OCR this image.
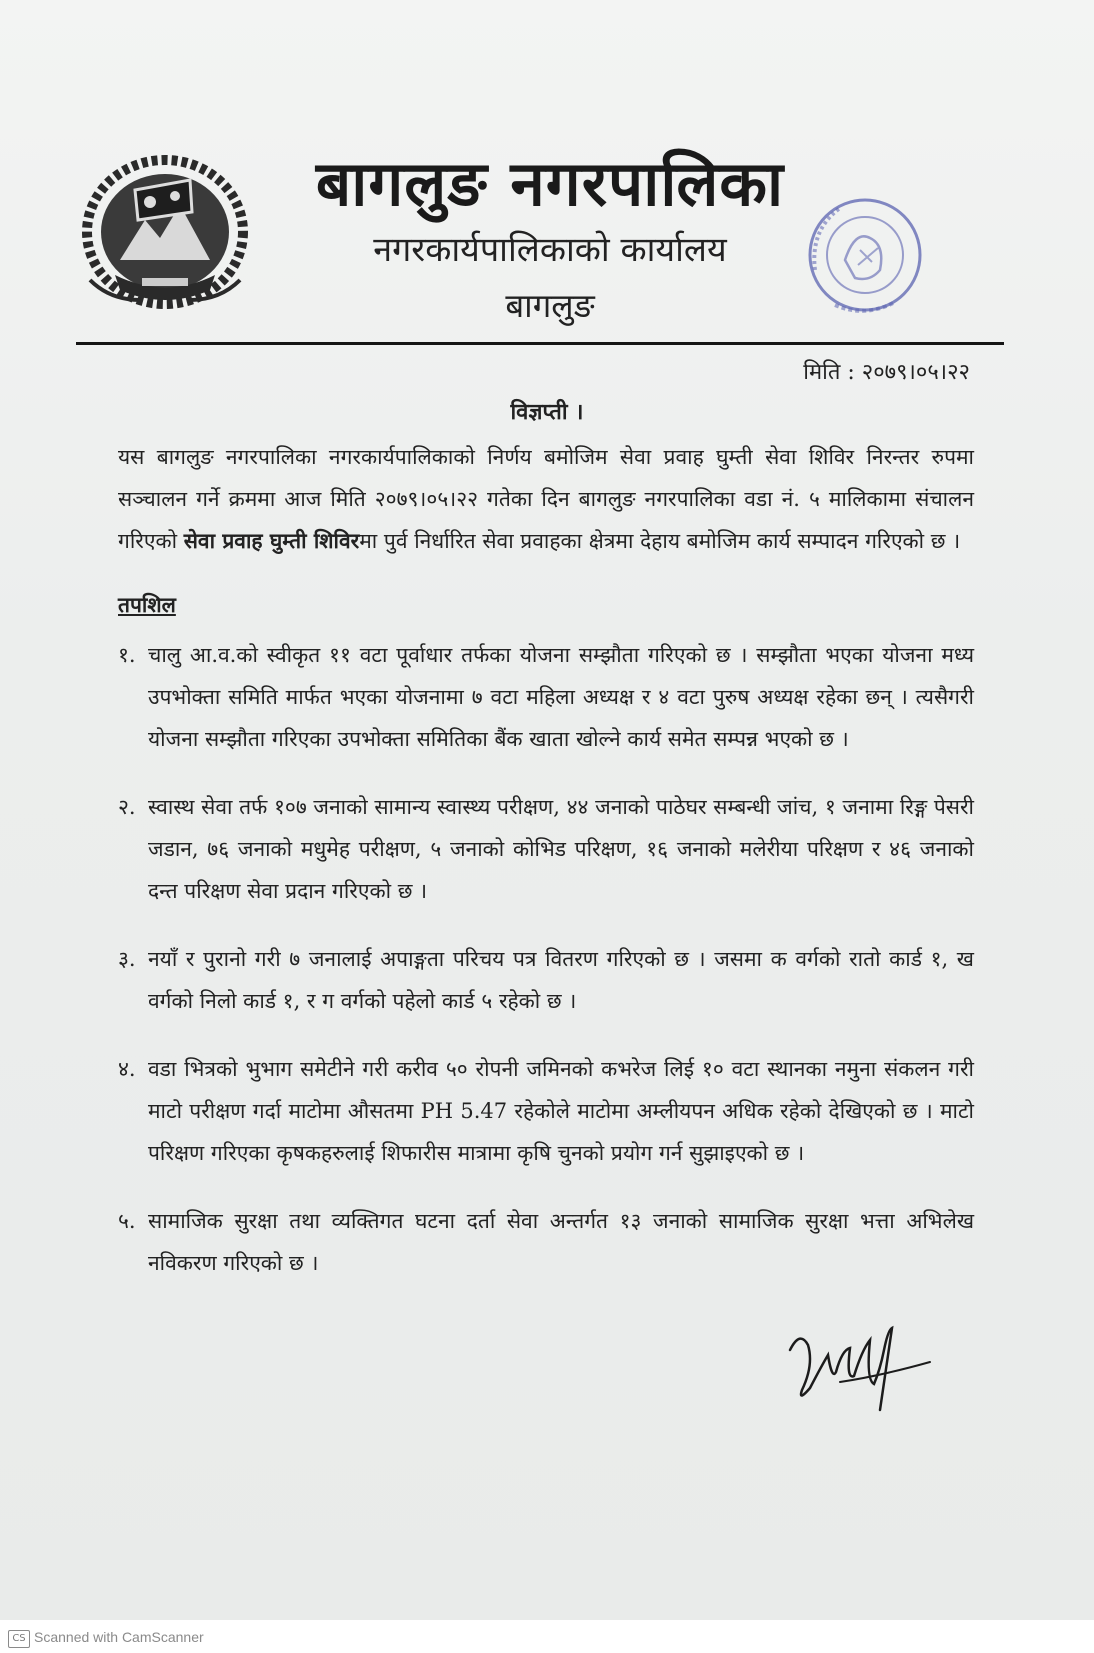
बागलुङ नगरपालिका
नगरकार्यपालिकाको कार्यालय
बागलुङ
मिति : २०७९।०५।२२
विज्ञप्ती ।

यस बागलुङ नगरपालिका नगरकार्यपालिकाको निर्णय बमोजिम सेवा प्रवाह घुम्ती सेवा शिविर निरन्तर रुपमा सञ्चालन गर्ने क्रममा आज मिति २०७९।०५।२२ गतेका दिन बागलुङ नगरपालिका वडा नं. ५ मालिकामा संचालन गरिएको सेवा प्रवाह घुम्ती शिविरमा पुर्व निर्धारित सेवा प्रवाहका क्षेत्रमा देहाय बमोजिम कार्य सम्पादन गरिएको छ ।

तपशिल
१. चालु आ.व.को स्वीकृत ११ वटा पूर्वाधार तर्फका योजना सम्झौता गरिएको छ । सम्झौता भएका योजना मध्य उपभोक्ता समिति मार्फत भएका योजनामा ७ वटा महिला अध्यक्ष र ४ वटा पुरुष अध्यक्ष रहेका छन् । त्यसैगरी योजना सम्झौता गरिएका उपभोक्ता समितिका बैंक खाता खोल्ने कार्य समेत सम्पन्न भएको छ ।
२. स्वास्थ सेवा तर्फ १०७ जनाको सामान्य स्वास्थ्य परीक्षण, ४४ जनाको पाठेघर सम्बन्धी जांच, १ जनामा रिङ्ग पेसरी जडान, ७६ जनाको मधुमेह परीक्षण, ५ जनाको कोभिड परिक्षण, १६ जनाको मलेरीया परिक्षण र ४६ जनाको दन्त परिक्षण सेवा प्रदान गरिएको छ ।
३. नयाँ र पुरानो गरी ७ जनालाई अपाङ्गता परिचय पत्र वितरण गरिएको छ । जसमा क वर्गको रातो कार्ड १, ख वर्गको निलो कार्ड १, र ग वर्गको पहेलो कार्ड ५ रहेको छ ।
४. वडा भित्रको भुभाग समेटीने गरी करीव ५० रोपनी जमिनको कभरेज लिई १० वटा स्थानका नमुना संकलन गरी माटो परीक्षण गर्दा माटोमा औसतमा PH 5.47 रहेकोले माटोमा अम्लीयपन अधिक रहेको देखिएको छ । माटो परिक्षण गरिएका कृषकहरुलाई शिफारीस मात्रामा कृषि चुनको प्रयोग गर्न सुझाइएको छ ।
५. सामाजिक सुरक्षा तथा व्यक्तिगत घटना दर्ता सेवा अन्तर्गत १३ जनाको सामाजिक सुरक्षा भत्ता अभिलेख नविकरण गरिएको छ ।
CS Scanned with CamScanner
